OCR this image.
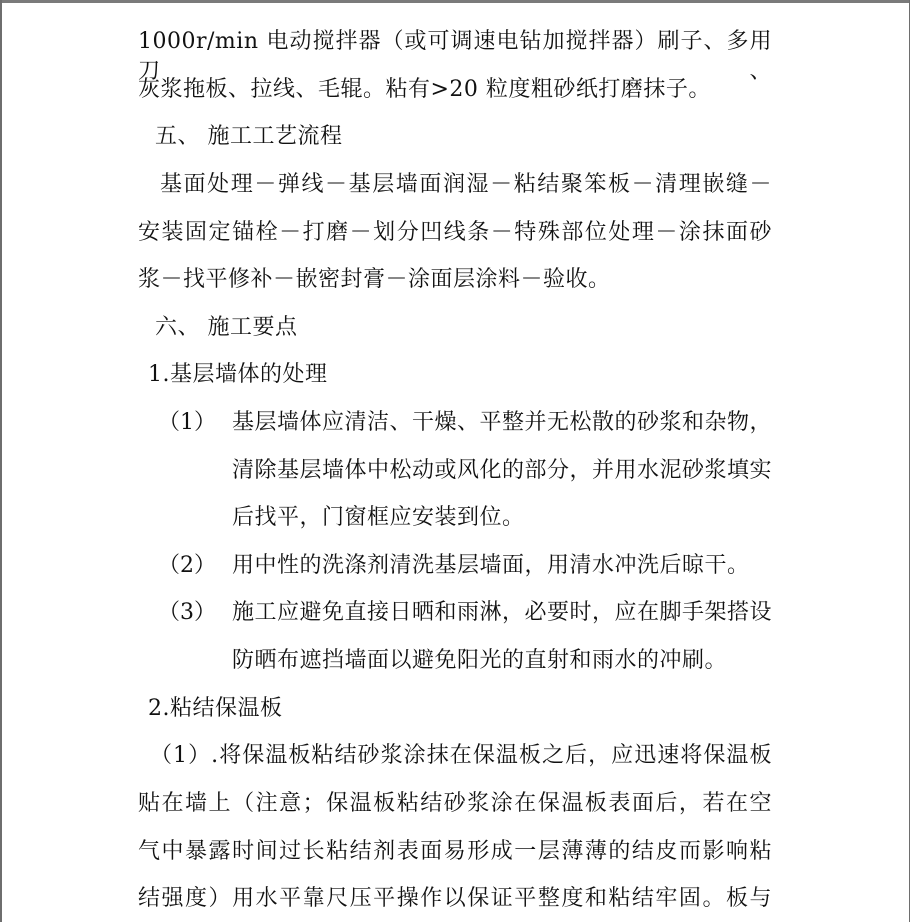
1000r/min 电动搅拌器（或可调速电钻加搅拌器）刷子、多用刀、
灰浆拖板、拉线、毛辊。粘有>20 粒度粗砂纸打磨抹子。
五、 施工工艺流程
基面处理－弹线－基层墙面润湿－粘结聚笨板－清理嵌缝－
安装固定锚栓－打磨－划分凹线条－特殊部位处理－涂抹面砂
浆－找平修补－嵌密封膏－涂面层涂料－验收。
六、 施工要点
1.基层墙体的处理
（1） 基层墙体应清洁、干燥、平整并无松散的砂浆和杂物，
清除基层墙体中松动或风化的部分，并用水泥砂浆填实
后找平，门窗框应安装到位。
（2） 用中性的洗涤剂清洗基层墙面，用清水冲洗后晾干。
（3） 施工应避免直接日晒和雨淋，必要时，应在脚手架搭设
防晒布遮挡墙面以避免阳光的直射和雨水的冲刷。
2.粘结保温板
（1）.将保温板粘结砂浆涂抹在保温板之后，应迅速将保温板
贴在墙上（注意；保温板粘结砂浆涂在保温板表面后，若在空
气中暴露时间过长粘结剂表面易形成一层薄薄的结皮而影响粘
结强度）用水平靠尺压平操作以保证平整度和粘结牢固。板与
